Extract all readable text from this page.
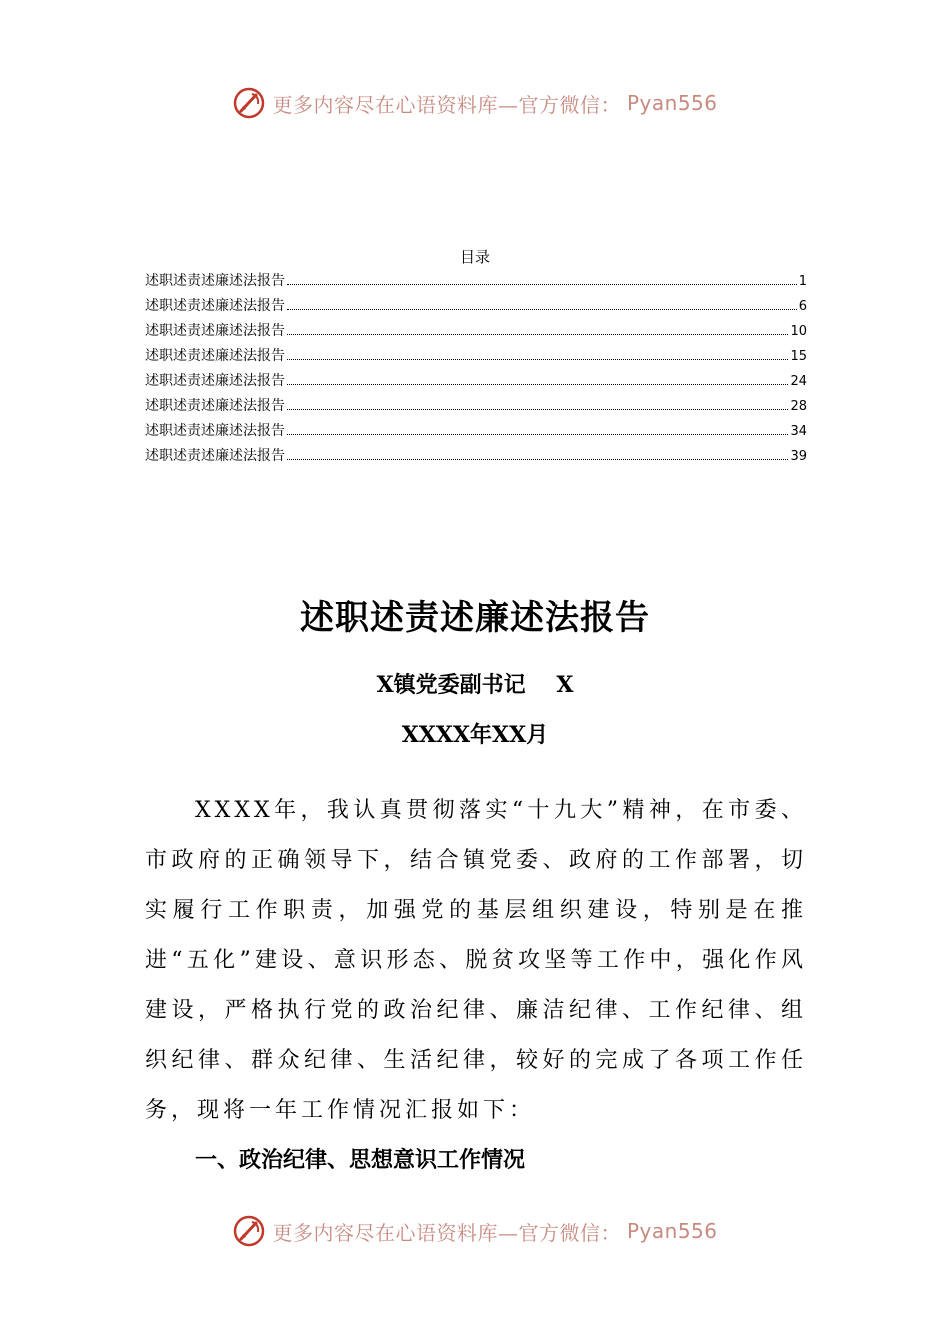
更多内容尽在心语资料库—官方微信： Pyan556
目录
述职述责述廉述法报告	1
述职述责述廉述法报告	6
述职述责述廉述法报告	10
述职述责述廉述法报告	15
述职述责述廉述法报告	24
述职述责述廉述法报告	28
述职述责述廉述法报告	34
述职述责述廉述法报告	39
述职述责述廉述法报告
X镇党委副书记    X
XXXX年XX月

XXXX年，我认真贯彻落实“十九大”精神，在市委、市政府的正确领导下，结合镇党委、政府的工作部署，切实履行工作职责，加强党的基层组织建设，特别是在推进“五化”建设、意识形态、脱贫攻坚等工作中，强化作风建设，严格执行党的政治纪律、廉洁纪律、工作纪律、组织纪律、群众纪律、生活纪律，较好的完成了各项工作任务，现将一年工作情况汇报如下：

一、政治纪律、思想意识工作情况
更多内容尽在心语资料库—官方微信： Pyan556
